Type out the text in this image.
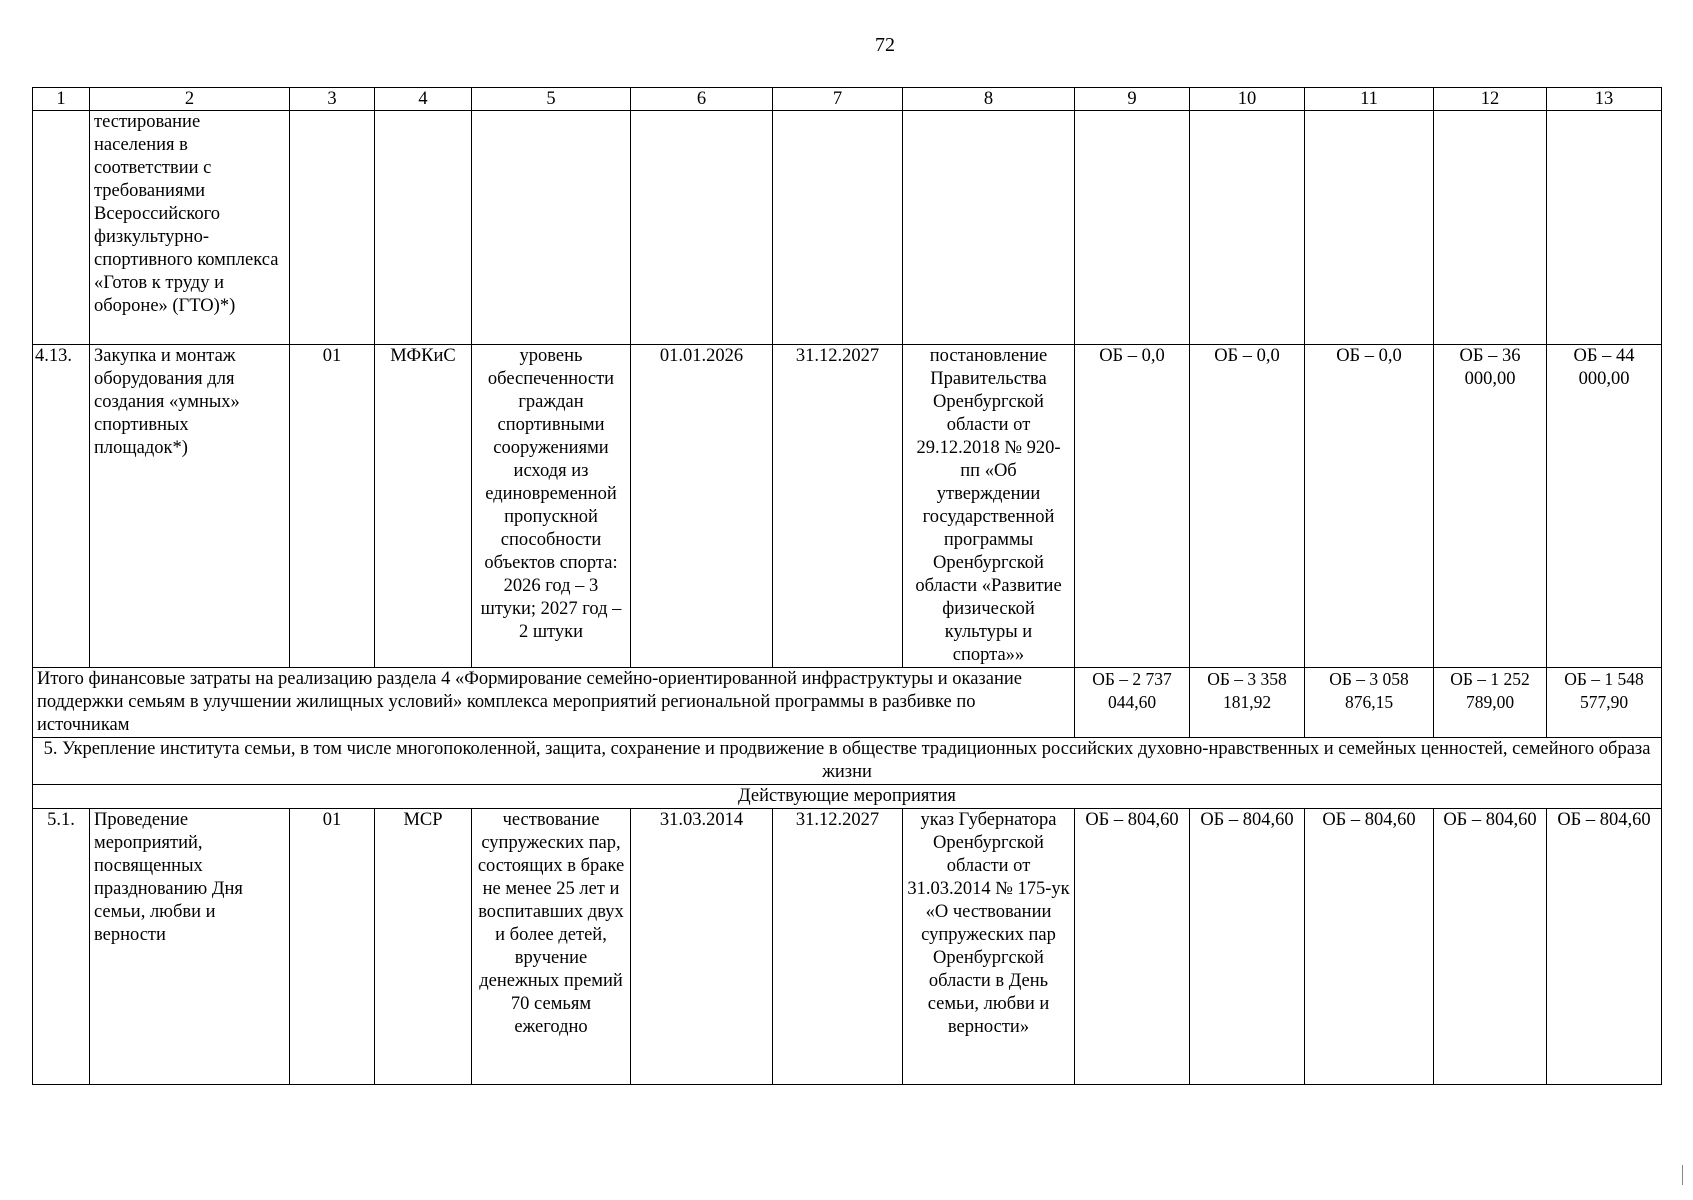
72
1	2	3	4	5	6	7	8	9	10	11	12	13
	тестирование населения в соответствии с требованиями Всероссийского физкультурно-спортивного комплекса «Готов к труду и обороне» (ГТО)*)											
4.13.	Закупка и монтаж оборудования для создания «умных» спортивных площадок*)	01	МФКиС	уровень обеспеченности граждан спортивными сооружениями исходя из единовременной пропускной способности объектов спорта: 2026 год – 3 штуки; 2027 год – 2 штуки	01.01.2026	31.12.2027	постановление Правительства Оренбургской области от 29.12.2018 № 920-пп «Об утверждении государственной программы Оренбургской области «Развитие физической культуры и спорта»»	ОБ – 0,0	ОБ – 0,0	ОБ – 0,0	ОБ – 36 000,00	ОБ – 44 000,00
Итого финансовые затраты на реализацию раздела 4 «Формирование семейно-ориентированной инфраструктуры и оказание поддержки семьям в улучшении жилищных условий» комплекса мероприятий региональной программы в разбивке по источникам								ОБ – 2 737 044,60	ОБ – 3 358 181,92	ОБ – 3 058 876,15	ОБ – 1 252 789,00	ОБ – 1 548 577,90
5. Укрепление института семьи, в том числе многопоколенной, защита, сохранение и продвижение в обществе традиционных российских духовно-нравственных и семейных ценностей, семейного образа жизни												
Действующие мероприятия												
5.1.	Проведение мероприятий, посвященных празднованию Дня семьи, любви и верности	01	МСР	чествование супружеских пар, состоящих в браке не менее 25 лет и воспитавших двух и более детей, вручение денежных премий 70 семьям ежегодно	31.03.2014	31.12.2027	указ Губернатора Оренбургской области от 31.03.2014 № 175-ук «О чествовании супружеских пар Оренбургской области в День семьи, любви и верности»	ОБ – 804,60	ОБ – 804,60	ОБ – 804,60	ОБ – 804,60	ОБ – 804,60
